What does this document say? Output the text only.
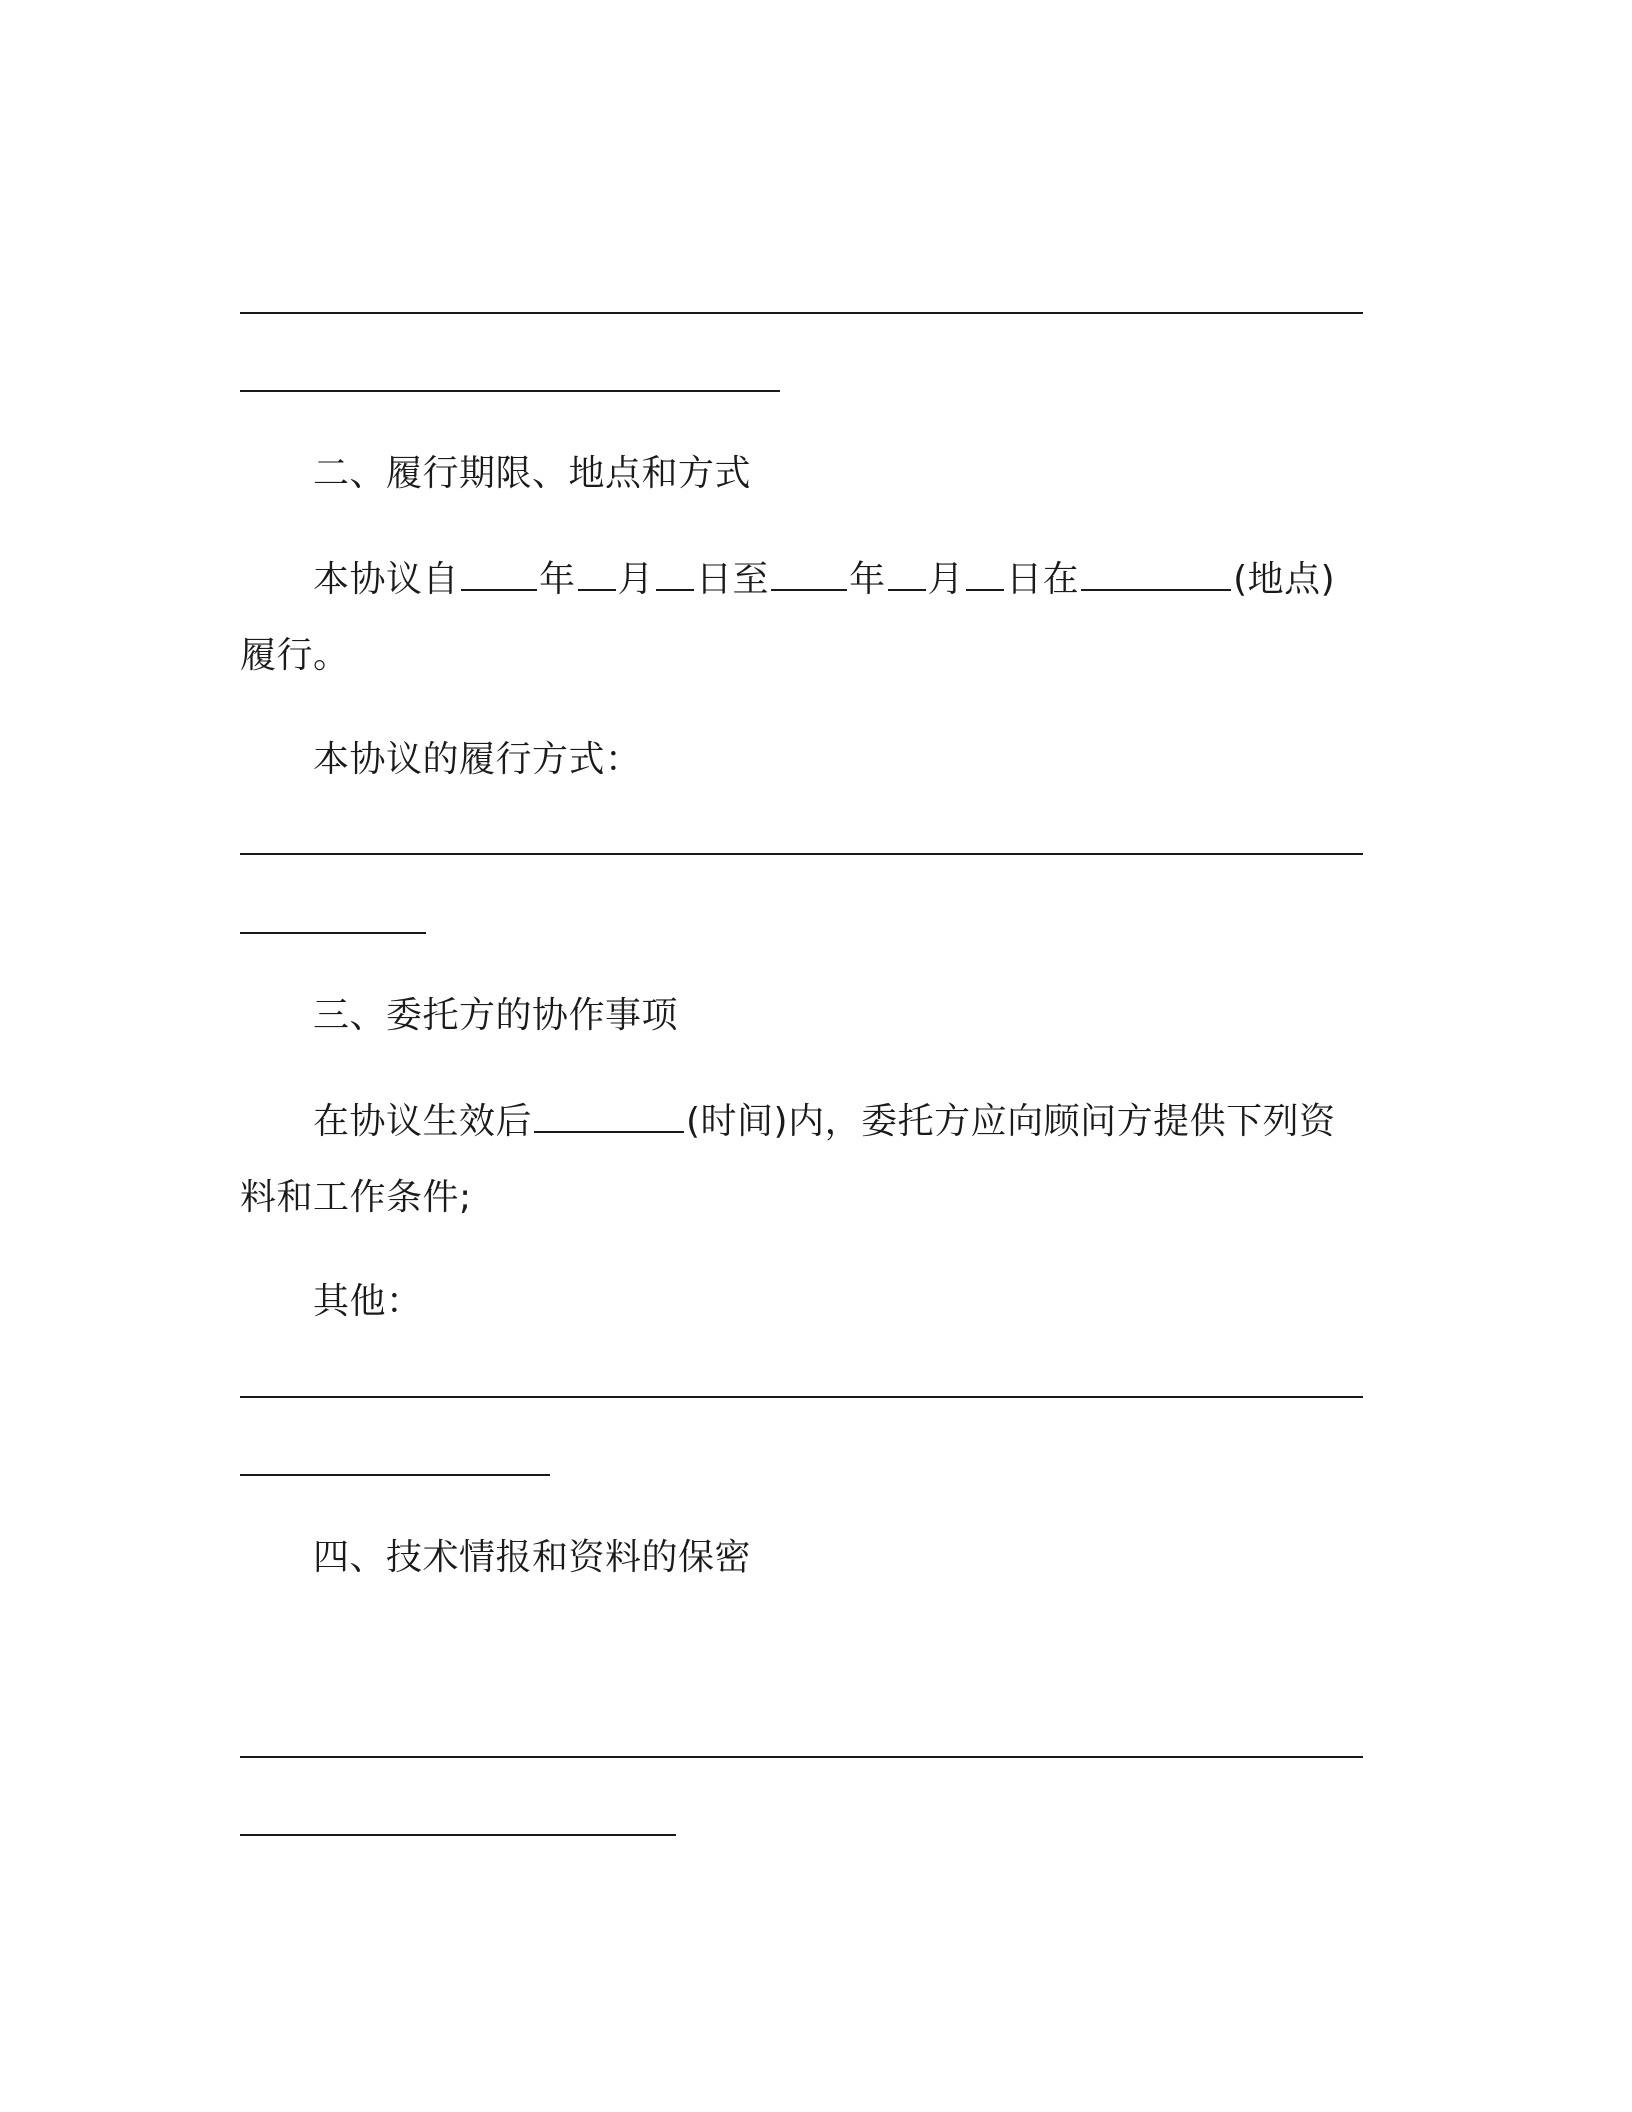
二、履行期限、地点和方式
本协议自 年 月 日至 年 月 日在	(地点)
履行。
本协议的履行方式：
三、委托方的协作事项
在协议生效后	(时间)内，委托方应向顾问方提供下列资
料和工作条件;
其他：
四、技术情报和资料的保密
